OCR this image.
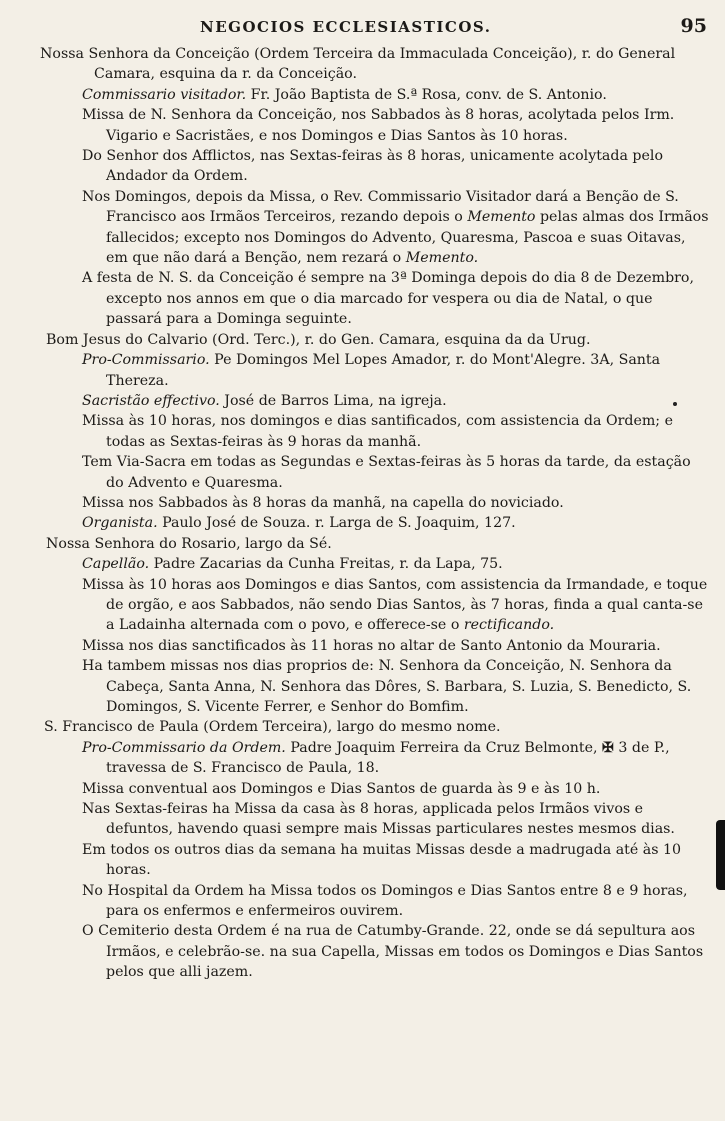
NEGOCIOS ECCLESIASTICOS.	95

Nossa Senhora da Conceição (Ordem Terceira da Immaculada Conceição), r. do General Camara, esquina da r. da Conceição.

Commissario visitador. Fr. João Baptista de S.ª Rosa, conv. de S. Antonio.

Missa de N. Senhora da Conceição, nos Sabbados às 8 horas, acolytada pelos Irm. Vigario e Sacristães, e nos Domingos e Dias Santos às 10 horas.

Do Senhor dos Afflictos, nas Sextas-feiras às 8 horas, unicamente acolytada pelo Andador da Ordem.

Nos Domingos, depois da Missa, o Rev. Commissario Visitador dará a Benção de S. Francisco aos Irmãos Terceiros, rezando depois o Memento pelas almas dos Irmãos fallecidos; excepto nos Domingos do Advento, Quaresma, Pascoa e suas Oitavas, em que não dará a Benção, nem rezará o Memento.

A festa de N. S. da Conceição é sempre na 3ª Dominga depois do dia 8 de Dezembro, excepto nos annos em que o dia marcado for vespera ou dia de Natal, o que passará para a Dominga seguinte.

Bom Jesus do Calvario (Ord. Terc.), r. do Gen. Camara, esquina da da Urug.

Pro-Commissario. Pe Domingos Mel Lopes Amador, r. do Mont'Alegre. 3A, Santa Thereza.

Sacristão effectivo. José de Barros Lima, na igreja.

Missa às 10 horas, nos domingos e dias santificados, com assistencia da Ordem; e todas as Sextas-feiras às 9 horas da manhã.

Tem Via-Sacra em todas as Segundas e Sextas-feiras às 5 horas da tarde, da estação do Advento e Quaresma.

Missa nos Sabbados às 8 horas da manhã, na capella do noviciado.

Organista. Paulo José de Souza. r. Larga de S. Joaquim, 127.

Nossa Senhora do Rosario, largo da Sé.

Capellão. Padre Zacarias da Cunha Freitas, r. da Lapa, 75.

Missa às 10 horas aos Domingos e dias Santos, com assistencia da Irmandade, e toque de orgão, e aos Sabbados, não sendo Dias Santos, às 7 horas, finda a qual canta-se a Ladainha alternada com o povo, e offerece-se o rectificando.

Missa nos dias sanctificados às 11 horas no altar de Santo Antonio da Mouraria.

Ha tambem missas nos dias proprios de: N. Senhora da Conceição, N. Senhora da Cabeça, Santa Anna, N. Senhora das Dôres, S. Barbara, S. Luzia, S. Benedicto, S. Domingos, S. Vicente Ferrer, e Senhor do Bomfim.

S. Francisco de Paula (Ordem Terceira), largo do mesmo nome.

Pro-Commissario da Ordem. Padre Joaquim Ferreira da Cruz Belmonte, ✠ 3 de P., travessa de S. Francisco de Paula, 18.

Missa conventual aos Domingos e Dias Santos de guarda às 9 e às 10 h.

Nas Sextas-feiras ha Missa da casa às 8 horas, applicada pelos Irmãos vivos e defuntos, havendo quasi sempre mais Missas particulares nestes mesmos dias.

Em todos os outros dias da semana ha muitas Missas desde a madrugada até às 10 horas.

No Hospital da Ordem ha Missa todos os Domingos e Dias Santos entre 8 e 9 horas, para os enfermos e enfermeiros ouvirem.

O Cemiterio desta Ordem é na rua de Catumby-Grande. 22, onde se dá sepultura aos Irmãos, e celebrão-se. na sua Capella, Missas em todos os Domingos e Dias Santos pelos que alli jazem.
